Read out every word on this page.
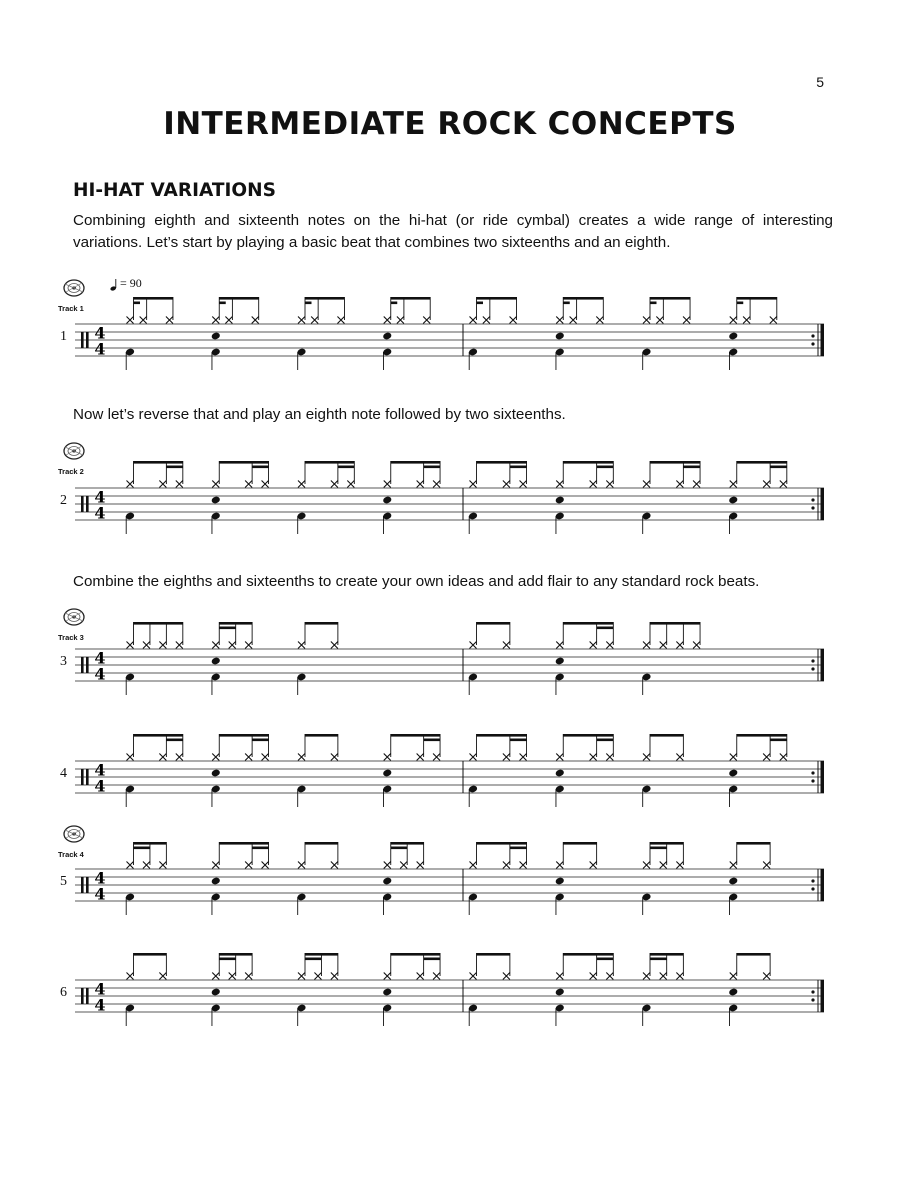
5
INTERMEDIATE ROCK CONCEPTS
HI-HAT VARIATIONS

Combining eighth and sixteenth notes on the hi-hat (or ride cymbal) creates a wide range of interesting variations. Let’s start by playing a basic beat that combines two sixteenths and an eighth.

Track 1
= 90
1 4
4

Now let’s reverse that and play an eighth note followed by two sixteenths.

Track 2
2 4
4

Combine the eighths and sixteenths to create your own ideas and add flair to any standard rock beats.

Track 3
3 4
4
4 4
4
Track 4
5 4
4
6 4
4
